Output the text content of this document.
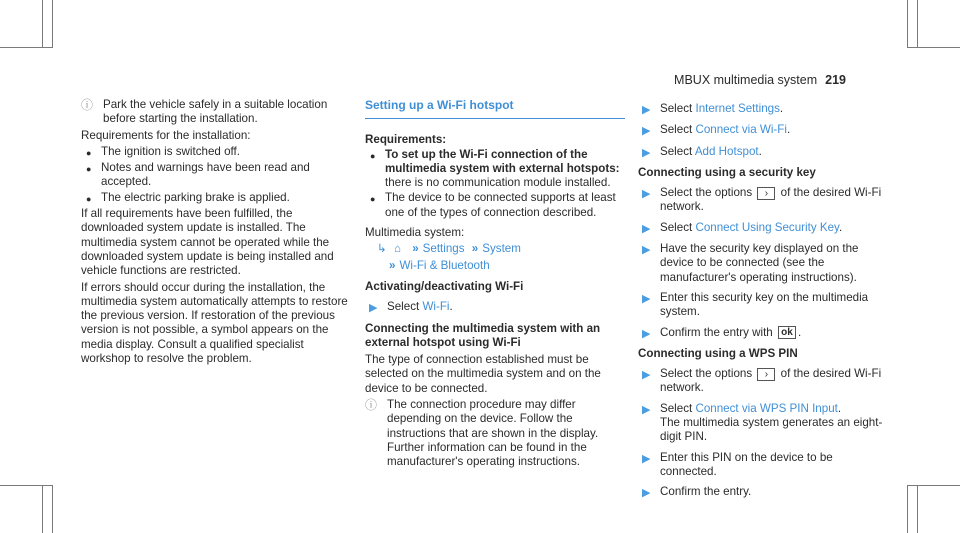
MBUX multimedia system 219
ⓘ Park the vehicle safely in a suitable location before starting the installation.
Requirements for the installation:
● The ignition is switched off.
● Notes and warnings have been read and accepted.
● The electric parking brake is applied.
If all requirements have been fulfilled, the downloaded system update is installed. The multimedia system cannot be operated while the downloaded system update is being installed and vehicle functions are restricted.
If errors should occur during the installation, the multimedia system automatically attempts to restore the previous version. If restoration of the previous version is not possible, a symbol appears on the media display. Consult a qualified specialist workshop to resolve the problem.
Setting up a Wi-Fi hotspot
Requirements:
● To set up the Wi-Fi connection of the multimedia system with external hotspots: there is no communication module installed.
● The device to be connected supports at least one of the types of connection described.
Multimedia system:
↳ ⌂ » Settings » System
» Wi-Fi & Bluetooth
Activating/deactivating Wi-Fi
▶ Select Wi-Fi.
Connecting the multimedia system with an external hotspot using Wi-Fi
The type of connection established must be selected on the multimedia system and on the device to be connected.
ⓘ The connection procedure may differ depending on the device. Follow the instructions that are shown in the display. Further information can be found in the manufacturer's operating instructions.
▶ Select Internet Settings.
▶ Select Connect via Wi-Fi.
▶ Select Add Hotspot.
Connecting using a security key
▶ Select the options › of the desired Wi-Fi network.
▶ Select Connect Using Security Key.
▶ Have the security key displayed on the device to be connected (see the manufacturer's operating instructions).
▶ Enter this security key on the multimedia system.
▶ Confirm the entry with ok .
Connecting using a WPS PIN
▶ Select the options › of the desired Wi-Fi network.
▶ Select Connect via WPS PIN Input.
The multimedia system generates an eight-digit PIN.
▶ Enter this PIN on the device to be connected.
▶ Confirm the entry.
